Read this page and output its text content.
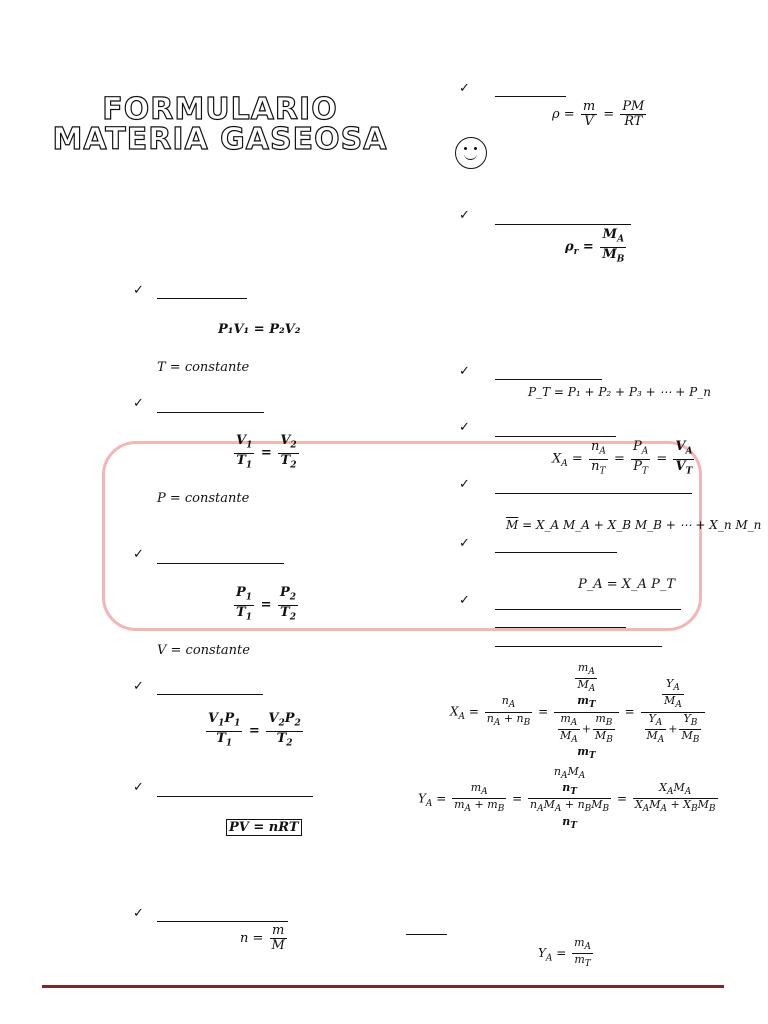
FORMULARIO
MATERIA GASEOSA
✓
P₁V₁ = P₂V₂
T = constante
✓
$\frac{V_1}{T_1} = \frac{V_2}{T_2}$
P = constante
✓
$\frac{P_1}{T_1} = \frac{P_2}{T_2}$
V = constante
✓
$\frac{V_1P_1}{T_1} = \frac{V_2P_2}{T_2}$
✓
PV = nRT
✓
$n = \frac{m}{M}$
✓
$\rho = \frac{m}{V} = \frac{PM}{RT}$
✓
$\rho_r = \frac{M_A}{M_B}$
✓
P_T = P₁ + P₂ + P₃ + ⋯ + P_n
✓
$X_A = \frac{n_A}{n_T} = \frac{P_A}{P_T} = \frac{V_A}{V_T}$
✓
$\overline{M}$ = X_A M_A + X_B M_B + ⋯ + X_n M_n
✓
P_A = X_A P_T
✓
$X_A = \frac{n_A}{n_A + n_B}$ =
$\frac{m_A}{M_A}$

$m_T$
$\frac{m_A}{M_A} + \frac{m_B}{M_B}$

$m_T$
= $\frac{\frac{Y_A}{M_A}}{\frac{Y_A}{M_A} + \frac{Y_B}{M_B}}$
$Y_A = \frac{m_A}{m_A + m_B}$ =
$n_AM_A$
$n_T$
$n_AM_A + n_BM_B$
$n_T$
= $\frac{X_AM_A}{X_AM_A + X_BM_B}$
$Y_A = \frac{m_A}{m_T}$
